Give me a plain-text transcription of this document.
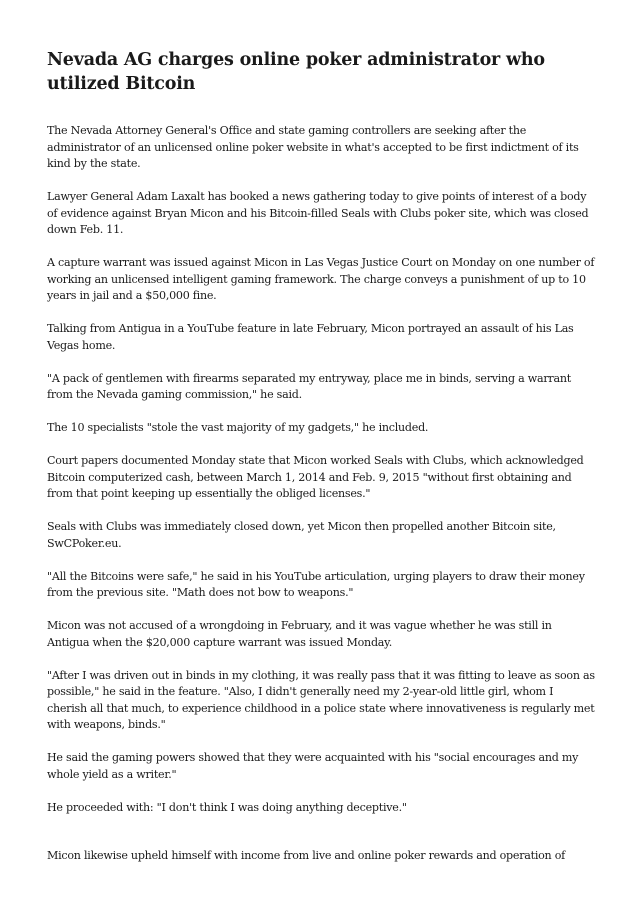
Nevada AG charges online poker administrator who utilized Bitcoin

The Nevada Attorney General's Office and state gaming controllers are seeking after the administrator of an unlicensed online poker website in what's accepted to be first indictment of its kind by the state.

Lawyer General Adam Laxalt has booked a news gathering today to give points of interest of a body of evidence against Bryan Micon and his Bitcoin-filled Seals with Clubs poker site, which was closed down Feb. 11.

A capture warrant was issued against Micon in Las Vegas Justice Court on Monday on one number of working an unlicensed intelligent gaming framework. The charge conveys a punishment of up to 10 years in jail and a $50,000 fine.

Talking from Antigua in a YouTube feature in late February, Micon portrayed an assault of his Las Vegas home.

"A pack of gentlemen with firearms separated my entryway, place me in binds, serving a warrant from the Nevada gaming commission," he said.

The 10 specialists "stole the vast majority of my gadgets," he included.

Court papers documented Monday state that Micon worked Seals with Clubs, which acknowledged Bitcoin computerized cash, between March 1, 2014 and Feb. 9, 2015 "without first obtaining and from that point keeping up essentially the obliged licenses."

Seals with Clubs was immediately closed down, yet Micon then propelled another Bitcoin site, SwCPoker.eu.

"All the Bitcoins were safe," he said in his YouTube articulation, urging players to draw their money from the previous site. "Math does not bow to weapons."

Micon was not accused of a wrongdoing in February, and it was vague whether he was still in Antigua when the $20,000 capture warrant was issued Monday.

"After I was driven out in binds in my clothing, it was really pass that it was fitting to leave as soon as possible," he said in the feature. "Also, I didn't generally need my 2-year-old little girl, whom I cherish all that much, to experience childhood in a police state where innovativeness is regularly met with weapons, binds."

He said the gaming powers showed that they were acquainted with his "social encourages and my whole yield as a writer."

He proceeded with: "I don't think I was doing anything deceptive."

Micon likewise upheld himself with income from live and online poker rewards and operation of
